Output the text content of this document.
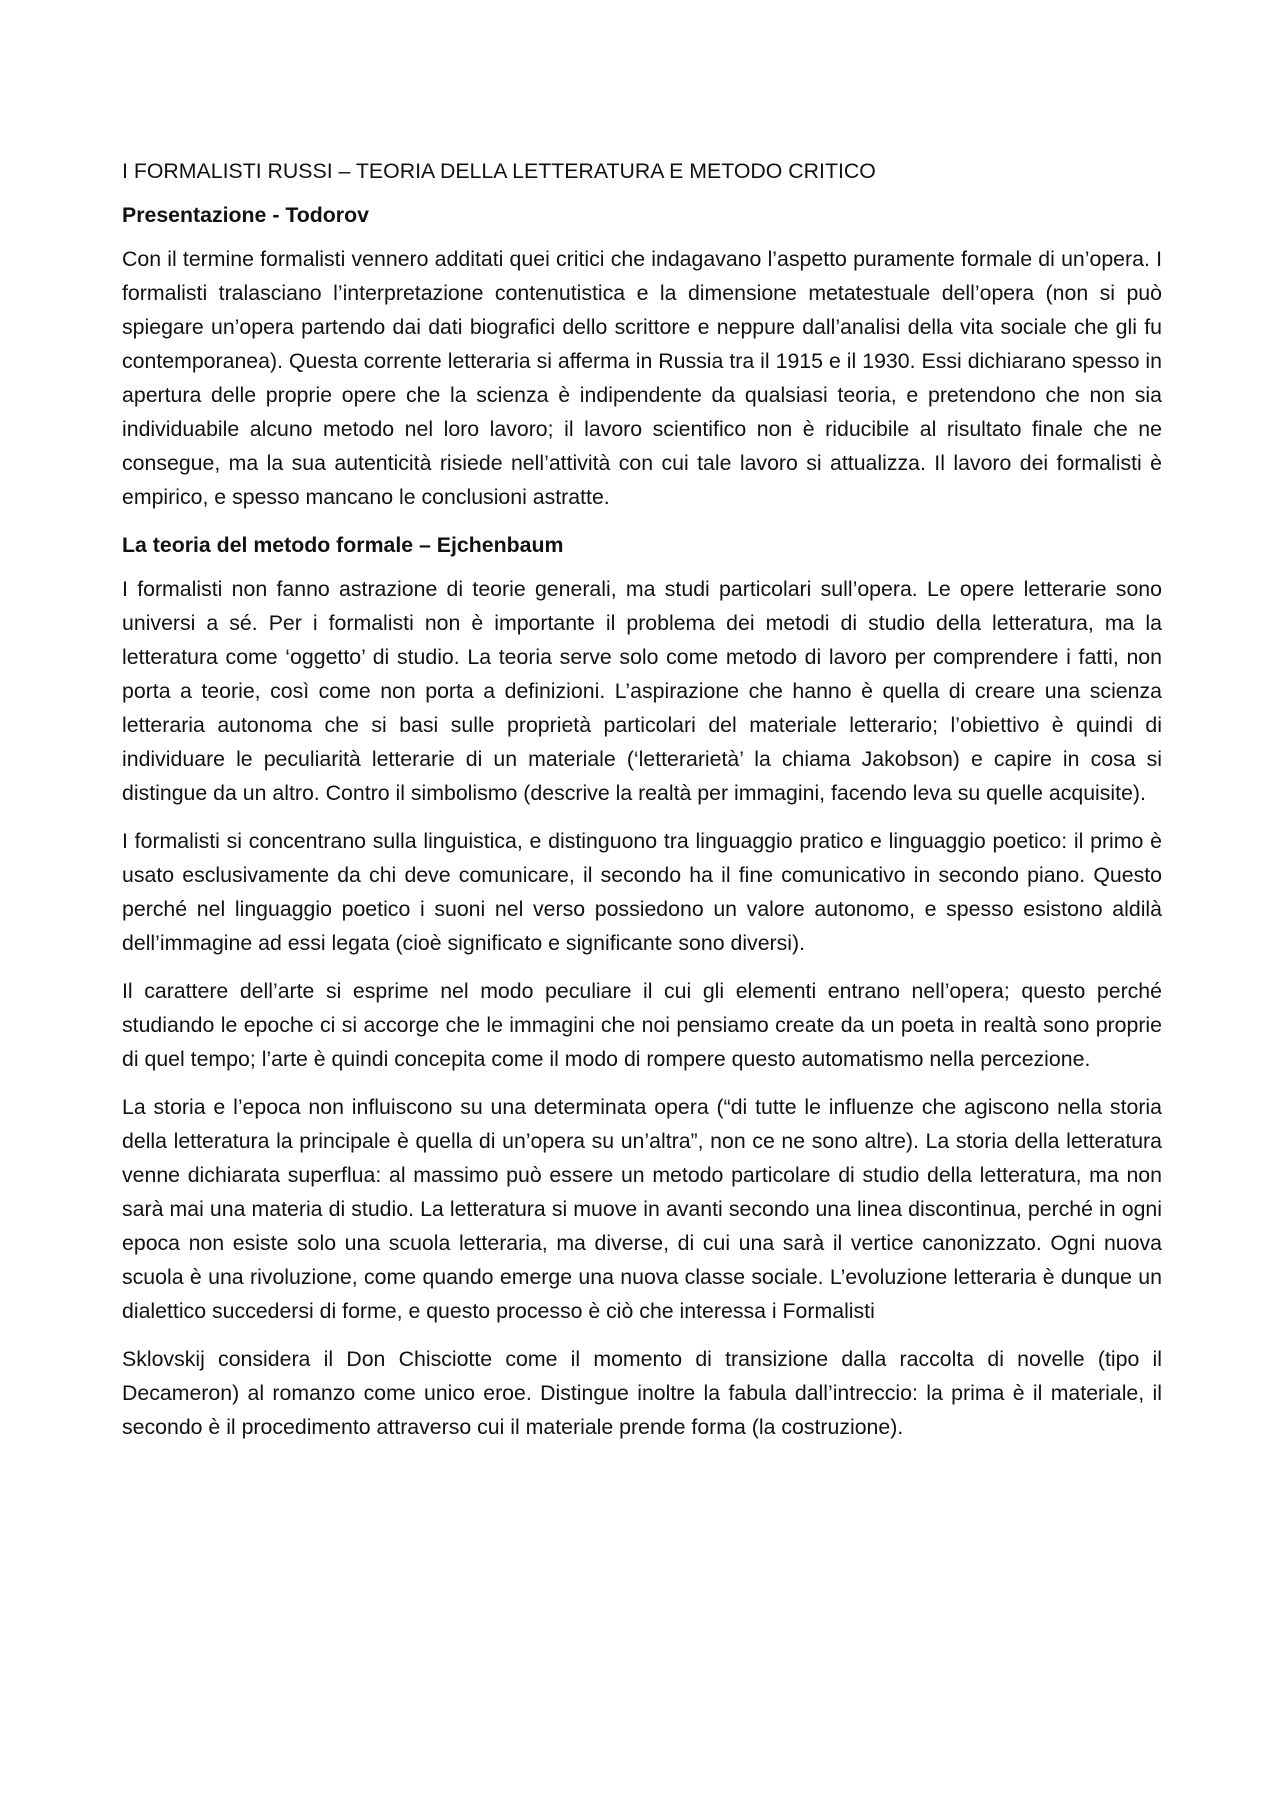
I FORMALISTI RUSSI – TEORIA DELLA LETTERATURA E METODO CRITICO
Presentazione - Todorov

Con il termine formalisti vennero additati quei critici che indagavano l’aspetto puramente formale di un’opera. I formalisti tralasciano l’interpretazione contenutistica e la dimensione metatestuale dell’opera (non si può spiegare un’opera partendo dai dati biografici dello scrittore e neppure dall’analisi della vita sociale che gli fu contemporanea). Questa corrente letteraria si afferma in Russia tra il 1915 e il 1930. Essi dichiarano spesso in apertura delle proprie opere che la scienza è indipendente da qualsiasi teoria, e pretendono che non sia individuabile alcuno metodo nel loro lavoro; il lavoro scientifico non è riducibile al risultato finale che ne consegue, ma la sua autenticità risiede nell’attività con cui tale lavoro si attualizza. Il lavoro dei formalisti è empirico, e spesso mancano le conclusioni astratte.

La teoria del metodo formale – Ejchenbaum

I formalisti non fanno astrazione di teorie generali, ma studi particolari sull’opera. Le opere letterarie sono universi a sé. Per i formalisti non è importante il problema dei metodi di studio della letteratura, ma la letteratura come ‘oggetto’ di studio. La teoria serve solo come metodo di lavoro per comprendere i fatti, non porta a teorie, così come non porta a definizioni. L’aspirazione che hanno è quella di creare una scienza letteraria autonoma che si basi sulle proprietà particolari del materiale letterario; l’obiettivo è quindi di individuare le peculiarità letterarie di un materiale (‘letterarietà’ la chiama Jakobson) e capire in cosa si distingue da un altro. Contro il simbolismo (descrive la realtà per immagini, facendo leva su quelle acquisite).

I formalisti si concentrano sulla linguistica, e distinguono tra linguaggio pratico e linguaggio poetico: il primo è usato esclusivamente da chi deve comunicare, il secondo ha il fine comunicativo in secondo piano. Questo perché nel linguaggio poetico i suoni nel verso possiedono un valore autonomo, e spesso esistono aldilà dell’immagine ad essi legata (cioè significato e significante sono diversi).

Il carattere dell’arte si esprime nel modo peculiare il cui gli elementi entrano nell’opera; questo perché studiando le epoche ci si accorge che le immagini che noi pensiamo create da un poeta in realtà sono proprie di quel tempo; l’arte è quindi concepita come il modo di rompere questo automatismo nella percezione.

La storia e l’epoca non influiscono su una determinata opera (“di tutte le influenze che agiscono nella storia della letteratura la principale è quella di un’opera su un’altra”, non ce ne sono altre). La storia della letteratura venne dichiarata superflua: al massimo può essere un metodo particolare di studio della letteratura, ma non sarà mai una materia di studio. La letteratura si muove in avanti secondo una linea discontinua, perché in ogni epoca non esiste solo una scuola letteraria, ma diverse, di cui una sarà il vertice canonizzato. Ogni nuova scuola è una rivoluzione, come quando emerge una nuova classe sociale. L’evoluzione letteraria è dunque un dialettico succedersi di forme, e questo processo è ciò che interessa i Formalisti

Sklovskij considera il Don Chisciotte come il momento di transizione dalla raccolta di novelle (tipo il Decameron) al romanzo come unico eroe. Distingue inoltre la fabula dall’intreccio: la prima è il materiale, il secondo è il procedimento attraverso cui il materiale prende forma (la costruzione).
